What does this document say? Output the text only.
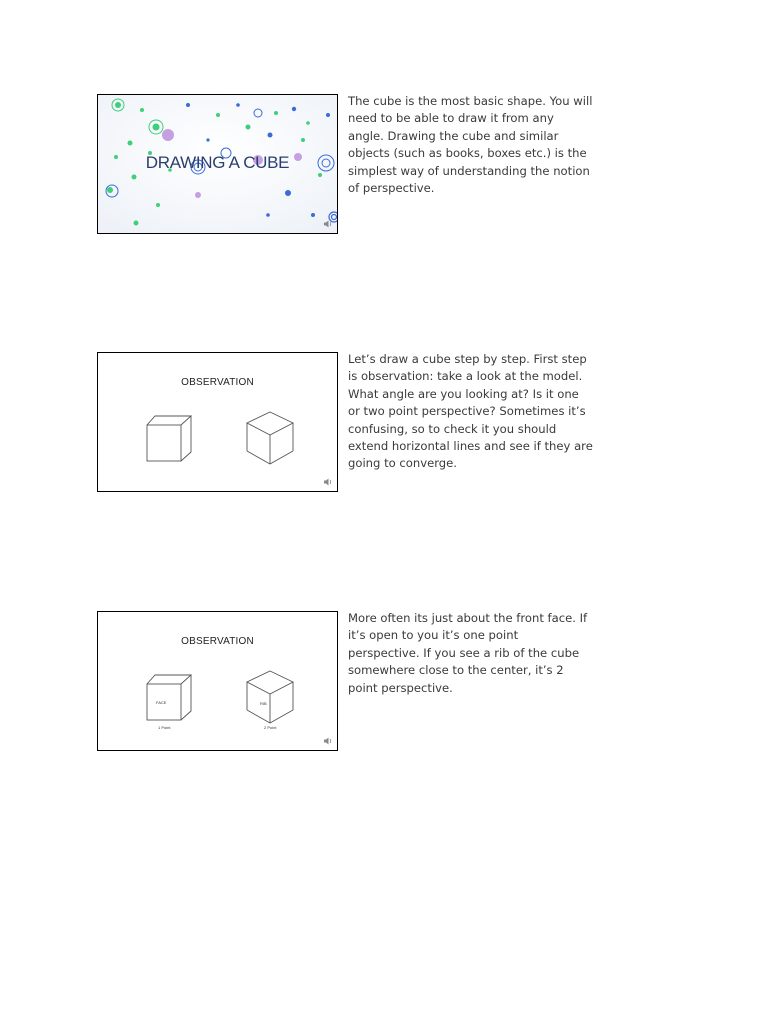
DRAWING A CUBE

The cube is the most basic shape. You will need to be able to draw it from any angle. Drawing the cube and similar objects (such as books, boxes etc.) is the simplest way of understanding the notion of perspective.

OBSERVATION

Let’s draw a cube step by step. First step is observation: take a look at the model. What angle are you looking at? Is it one or two point perspective? Sometimes it’s confusing, so to check it you should extend horizontal lines and see if they are going to converge.

OBSERVATION
FACE
1 Point
RIB
2 Point

More often its just about the front face. If it’s open to you it’s one point perspective. If you see a rib of the cube somewhere close to the center, it’s 2 point perspective.
